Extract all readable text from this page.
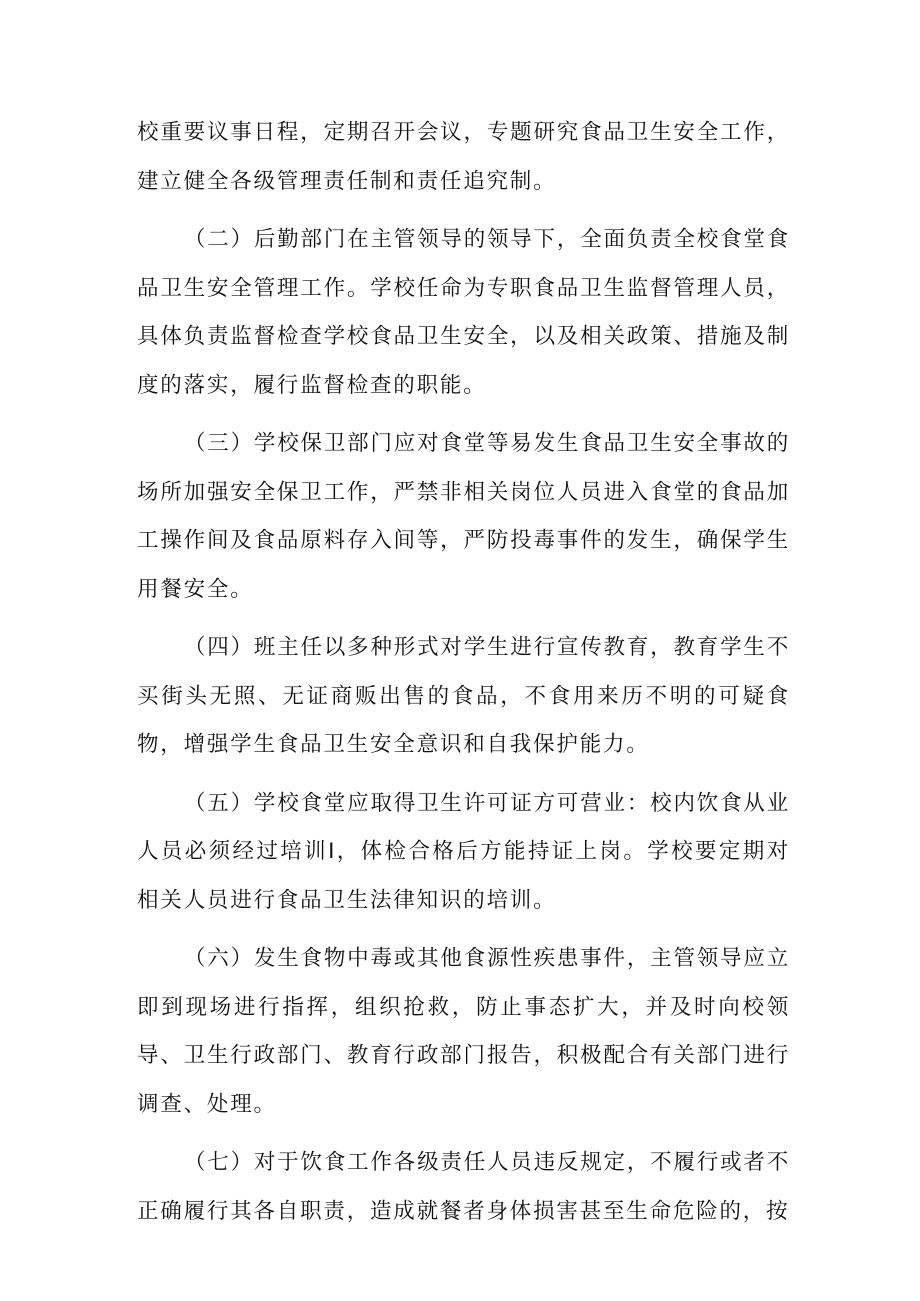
校重要议事日程，定期召开会议，专题研究食品卫生安全工作，建立健全各级管理责任制和责任追究制。

（二）后勤部门在主管领导的领导下，全面负责全校食堂食品卫生安全管理工作。学校任命为专职食品卫生监督管理人员，具体负责监督检查学校食品卫生安全，以及相关政策、措施及制度的落实，履行监督检查的职能。

（三）学校保卫部门应对食堂等易发生食品卫生安全事故的场所加强安全保卫工作，严禁非相关岗位人员进入食堂的食品加工操作间及食品原料存入间等，严防投毒事件的发生，确保学生用餐安全。

（四）班主任以多种形式对学生进行宣传教育，教育学生不买街头无照、无证商贩出售的食品，不食用来历不明的可疑食物，增强学生食品卫生安全意识和自我保护能力。

（五）学校食堂应取得卫生许可证方可营业：校内饮食从业人员必须经过培训I，体检合格后方能持证上岗。学校要定期对相关人员进行食品卫生法律知识的培训。

（六）发生食物中毒或其他食源性疾患事件，主管领导应立即到现场进行指挥，组织抢救，防止事态扩大，并及时向校领导、卫生行政部门、教育行政部门报告，积极配合有关部门进行调查、处理。

（七）对于饮食工作各级责任人员违反规定，不履行或者不正确履行其各自职责，造成就餐者身体损害甚至生命危险的，按
